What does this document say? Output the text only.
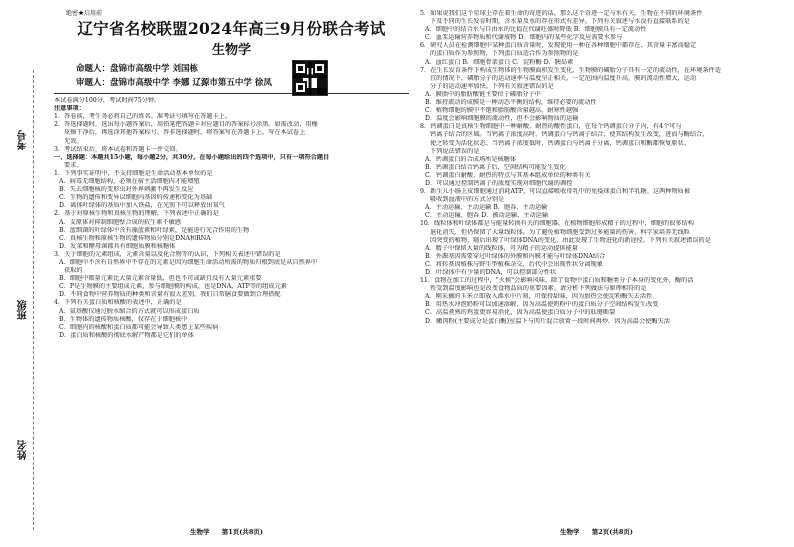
考号
班级
姓名
绝密★启用前
辽宁省名校联盟2024年高三9月份联合考试
生物学
命题人：盘锦市高级中学 刘国栋
审题人：盘锦市高级中学 李娜 辽源市第五中学 徐凤
本试卷满分100分，考试时间75分钟。
注意事项：
1．答卷前，考生务必将自己的姓名、准考证号填写在答题卡上。
2．答选择题时，选出每小题答案后，用铅笔把答题卡对应题目的答案标号涂黑。如需改动，用橡
皮擦干净后，再选涂其他答案标号。答非选择题时，将答案写在答题卡上。写在本试卷上
无效。
3．考试结束后，将本试卷和答题卡一并交回。
一、选择题：本题共15小题，每小题2分，共30分。在每小题给出的四个选项中，只有一项符合题目
要求。
1．下列事实证明中，不支持细胞是生命活动基本单位的是
A．病毒无细胞结构，必须在宿主活细胞内才能增殖
B．失去细胞核的变形虫对外界刺激不再发生反应
C．生物的遗传和变异以细胞内基因的传递和变化为基础
D．离体叶绿体的基质中加入铁盐，在光照下可以释放出氧气
2．基于对原核生物和真核生物的理解，下列表述中正确的是
A．支原体对抑制细胞壁合成的抗生素不敏感
B．蓝细菌的叶绿体中含有藻蓝素和叶绿素，是能进行光合作用的生物
C．真核生物和原核生物的遗传物质分别是DNA和RNA
D．发菜和酵母菌都具有细胞质膜和核糖体
3．关于细胞的元素组成，元素含量以及化合物等的认识，下列相关表述中错误的是
A．细胞中不含有自然界中不存在的元素是因为细胞生命活动所需的物质归根到底是从自然界中
获取的
B．细胞中微量元素比大量元素含量低，但也不可或缺且没有大量元素重要
C．P是生物膜的主要组成元素，参与细胞膜的构成，也是DNA、ATP等的组成元素
D．不同食物中营养物质的种类和含量有很大差别，我们日常膳食要做到合理搭配
4．下列有关蛋白质和核酸的表述中，正确的是
A．氨基酸仅通过脱水缩合的方式就可以形成蛋白质
B．生物体的遗传物质核酸，仅存在于细胞核中
C．细胞内的核酸和蛋白质都可能会导致人类患上某些疾病
D．蛋白质和核酸的彻底水解产物都是它们的单体
5．如果说我们这个星球上存在着生命的奇迹的话，那么这个奇迹一定与水有关。生物在不同的环境条件
下及不同的生长发育时期，含水量及水的存在形式有差异。下列有关叙述与水没有直接联系的是
A．细胞中的结合水与自由水的比值在代谢旺盛时降低 B．细胞膜具有一定流动性
C．血浆运输营养物质和代谢废物 D．细胞内的某些化学反应需要水参与
6．研究人员在检测细胞中某种蛋白质含量时，发现使用一种在各种细胞中都存在、其含量丰富而稳定
的蛋白质作为参照物，下列蛋白质适合作为参照物的是
A．血红蛋白 B．细胞骨架蛋白 C．淀粉酶 D．胰岛素
7．在生长发育条件下构成生物体的生物膜面积发生变化，生物膜的磷脂分子具有一定的流动性，在环境条件适
宜的情况下，磷脂分子的运动速率与温度呈正相关，一定范围内温度升高，膜的流动性增大，运动
分子的运动速率加快。下列有关叙述错误的是
A．膜脂中的脂肪酸链主要位于磷脂分子中
B．维持流动的成膜是一种动态平衡的结构，维持必要的流动性
C．植物细胞的膜中不饱和脂肪酸含量越高，耐寒性越强
D．温度会影响细胞膜的流动性，但不会影响物质的运输
8．钙调蛋白是真核生物细胞中一种耐酸、耐热的酸性蛋白，在每个钙调蛋白分子内，有4个可与
钙离子结合的区域。当钙离子浓度高时，钙调蛋白与钙离子结合，使其结构发生改变，进而与酶结合，
使之转变为活化状态。当钙离子浓度低时，钙调蛋白与钙离子分离，钙调蛋白和酶都恢复原状。
下列说法错误的是
A．钙调蛋白的合成场所是核糖体
B．钙调蛋白结合钙离子后，空间结构可能发生变化
C．钙调蛋白耐酸、耐热的特点与其基本组成单位的种类有关
D．可以通过控制钙离子的浓度实现对细胞代谢的调控
9．新生儿小肠上皮细胞通过消耗ATP，可以直接吸收母乳中的免疫球蛋白和半乳糖。这两种物质被
吸收到血液中的方式分别是
A．主动运输、主动运输 B．胞吞、主动运输
C．主动运输、胞吞 D．被动运输、主动运输
10．线粒体和叶绿体都是与能量转换有关的细胞器。在植物细胞形成精子的过程中，细胞的很多结构
退化消失，但仍保留了大量线粒体。为了避免植物细胞受到过多能量的伤害，科学家培养无线粒
因突变的植物，随后出现了叶绿体DNA的变化，由此发现了生物进化的新途径。下列有关叙述错误的是
A．精子中保留大量的线粒体，可为精子的运动提供能量
B．外源基因需要穿过叶绿体的外膜和内膜才能与叶绿体DNA结合
C．将转基因植株与野生型植株杂交，后代中会出现性状分离现象
D．叶绿体中有少量的DNA，可以控制部分性状
11．食物在加工的过程中，"火候"会影响风味，除了食物中蛋白质和糖类分子本身的变化外，酶的活
性受到温度影响也是改变食物品质的重要因素。请分析下列做法与原理相符的是
A．刚采摘的玉米立即放入沸水中片刻，可保持甜味，因为加热会使淀粉酶失去活性
B．用热水冲泡奶粉可以加速溶解，因为高温使奶粉中的蛋白质分子空间结构发生改变
C．高温煮熟的鸡蛋更容易消化，因为高温使蛋白质分子中的肽键断裂
D．嫩肉粉(主要成分是蛋白酶)室温下与肉片混合放置一段时间再炒，因为高温会使酶失活
生物学 第1页(共8页)	生物学 第2页(共8页)
